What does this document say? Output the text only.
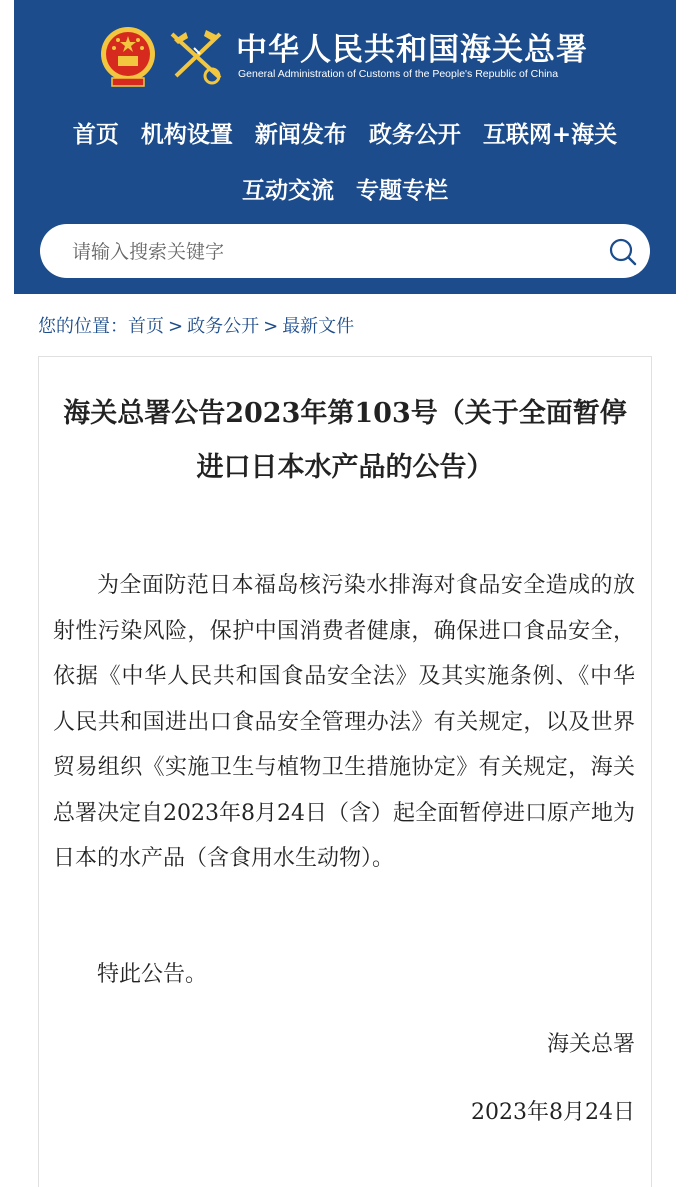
中华人民共和国海关总署
General Administration of Customs of the People's Republic of China
首页 机构设置 新闻发布 政务公开 互联网+海关
互动交流 专题专栏
请输入搜索关键字
您的位置：首页 > 政务公开 > 最新文件
海关总署公告2023年第103号（关于全面暂停进口日本水产品的公告）

为全面防范日本福岛核污染水排海对食品安全造成的放射性污染风险，保护中国消费者健康，确保进口食品安全，依据《中华人民共和国食品安全法》及其实施条例、《中华人民共和国进出口食品安全管理办法》有关规定，以及世界贸易组织《实施卫生与植物卫生措施协定》有关规定，海关总署决定自2023年8月24日（含）起全面暂停进口原产地为日本的水产品（含食用水生动物）。

特此公告。
海关总署
2023年8月24日
